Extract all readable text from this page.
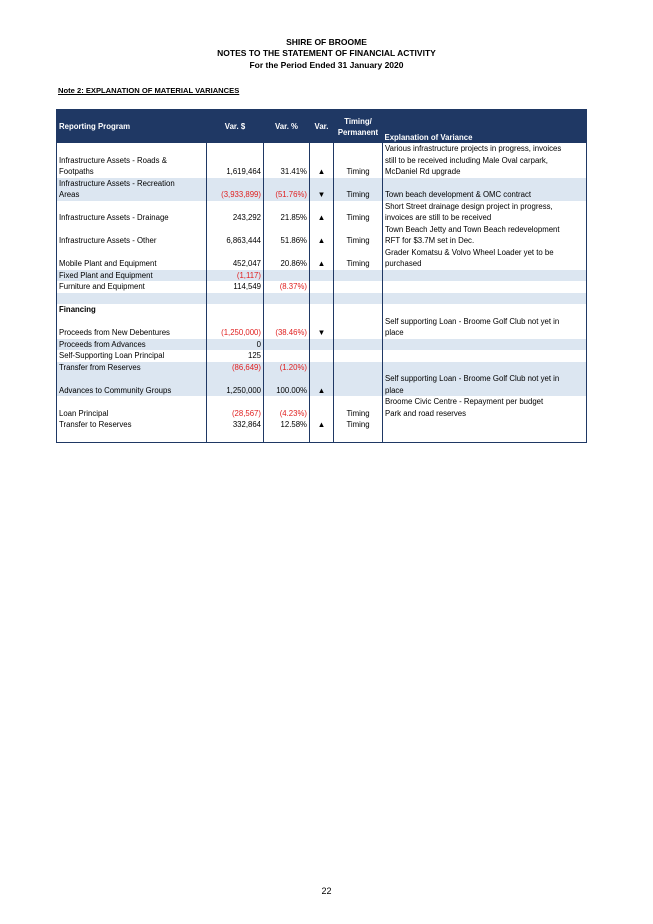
SHIRE OF BROOME
NOTES TO THE STATEMENT OF FINANCIAL ACTIVITY
For the Period Ended 31 January 2020
Note 2: EXPLANATION OF MATERIAL VARIANCES
Reporting Program	Var. $	Var. %	Var.	Timing/
Permanent	Explanation of Variance
					Various infrastructure projects in progress, invoices
Infrastructure Assets - Roads &					still to be received including Male Oval carpark,
Footpaths	1,619,464	31.41%	▲	Timing	McDaniel Rd upgrade
Infrastructure Assets - Recreation					
Areas	(3,933,899)	(51.76%)	▼	Timing	Town beach development & OMC contract
					Short Street drainage design project in progress,
Infrastructure Assets - Drainage	243,292	21.85%	▲	Timing	invoices are still to be received
					Town Beach Jetty and Town Beach redevelopment
Infrastructure Assets - Other	6,863,444	51.86%	▲	Timing	RFT for $3.7M set in Dec.
					Grader Komatsu & Volvo Wheel Loader yet to be
Mobile Plant and Equipment	452,047	20.86%	▲	Timing	purchased
Fixed Plant and Equipment	(1,117)				
Furniture and Equipment	114,549	(8.37%)			

Financing					
					Self supporting Loan - Broome Golf Club not yet in
Proceeds from New Debentures	(1,250,000)	(38.46%)	▼		place
Proceeds from Advances	0				
Self-Supporting Loan Principal	125				
Transfer from Reserves	(86,649)	(1.20%)			
					Self supporting Loan - Broome Golf Club not yet in
Advances to Community Groups	1,250,000	100.00%	▲		place
					Broome Civic Centre - Repayment per budget
Loan Principal	(28,567)	(4.23%)		Timing	Park and road reserves
Transfer to Reserves	332,864	12.58%	▲	Timing	

22
